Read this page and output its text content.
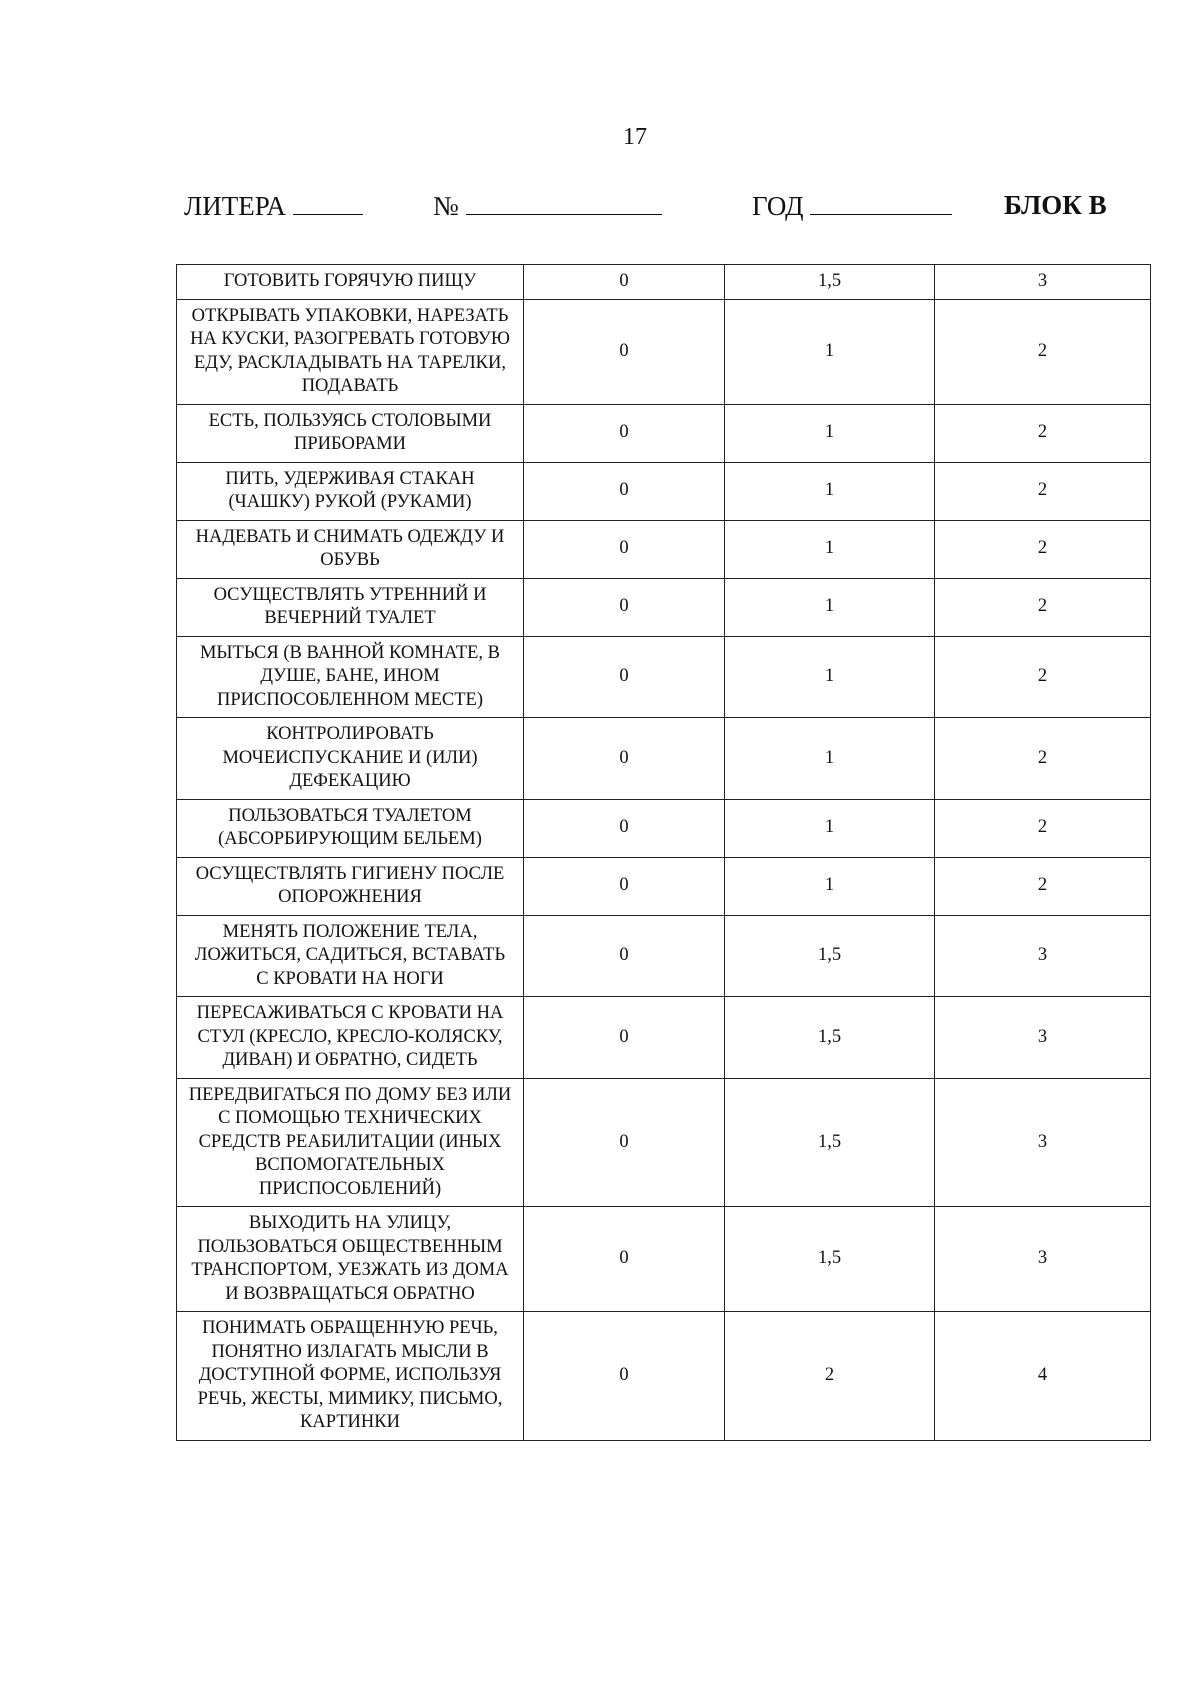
17
ЛИТЕРА	№	ГОД	БЛОК В
ГОТОВИТЬ ГОРЯЧУЮ ПИЩУ	0	1,5	3
ОТКРЫВАТЬ УПАКОВКИ, НАРЕЗАТЬ НА КУСКИ, РАЗОГРЕВАТЬ ГОТОВУЮ ЕДУ, РАСКЛАДЫВАТЬ НА ТАРЕЛКИ, ПОДАВАТЬ	0	1	2
ЕСТЬ, ПОЛЬЗУЯСЬ СТОЛОВЫМИ ПРИБОРАМИ	0	1	2
ПИТЬ, УДЕРЖИВАЯ СТАКАН (ЧАШКУ) РУКОЙ (РУКАМИ)	0	1	2
НАДЕВАТЬ И СНИМАТЬ ОДЕЖДУ И ОБУВЬ	0	1	2
ОСУЩЕСТВЛЯТЬ УТРЕННИЙ И ВЕЧЕРНИЙ ТУАЛЕТ	0	1	2
МЫТЬСЯ (В ВАННОЙ КОМНАТЕ, В ДУШЕ, БАНЕ, ИНОМ ПРИСПОСОБЛЕННОМ МЕСТЕ)	0	1	2
КОНТРОЛИРОВАТЬ МОЧЕИСПУСКАНИЕ И (ИЛИ) ДЕФЕКАЦИЮ	0	1	2
ПОЛЬЗОВАТЬСЯ ТУАЛЕТОМ (АБСОРБИРУЮЩИМ БЕЛЬЕМ)	0	1	2
ОСУЩЕСТВЛЯТЬ ГИГИЕНУ ПОСЛЕ ОПОРОЖНЕНИЯ	0	1	2
МЕНЯТЬ ПОЛОЖЕНИЕ ТЕЛА, ЛОЖИТЬСЯ, САДИТЬСЯ, ВСТАВАТЬ С КРОВАТИ НА НОГИ	0	1,5	3
ПЕРЕСАЖИВАТЬСЯ С КРОВАТИ НА СТУЛ (КРЕСЛО, КРЕСЛО-КОЛЯСКУ, ДИВАН) И ОБРАТНО, СИДЕТЬ	0	1,5	3
ПЕРЕДВИГАТЬСЯ ПО ДОМУ БЕЗ ИЛИ С ПОМОЩЬЮ ТЕХНИЧЕСКИХ СРЕДСТВ РЕАБИЛИТАЦИИ (ИНЫХ ВСПОМОГАТЕЛЬНЫХ ПРИСПОСОБЛЕНИЙ)	0	1,5	3
ВЫХОДИТЬ НА УЛИЦУ, ПОЛЬЗОВАТЬСЯ ОБЩЕСТВЕННЫМ ТРАНСПОРТОМ, УЕЗЖАТЬ ИЗ ДОМА И ВОЗВРАЩАТЬСЯ ОБРАТНО	0	1,5	3
ПОНИМАТЬ ОБРАЩЕННУЮ РЕЧЬ, ПОНЯТНО ИЗЛАГАТЬ МЫСЛИ В ДОСТУПНОЙ ФОРМЕ, ИСПОЛЬЗУЯ РЕЧЬ, ЖЕСТЫ, МИМИКУ, ПИСЬМО, КАРТИНКИ	0	2	4
